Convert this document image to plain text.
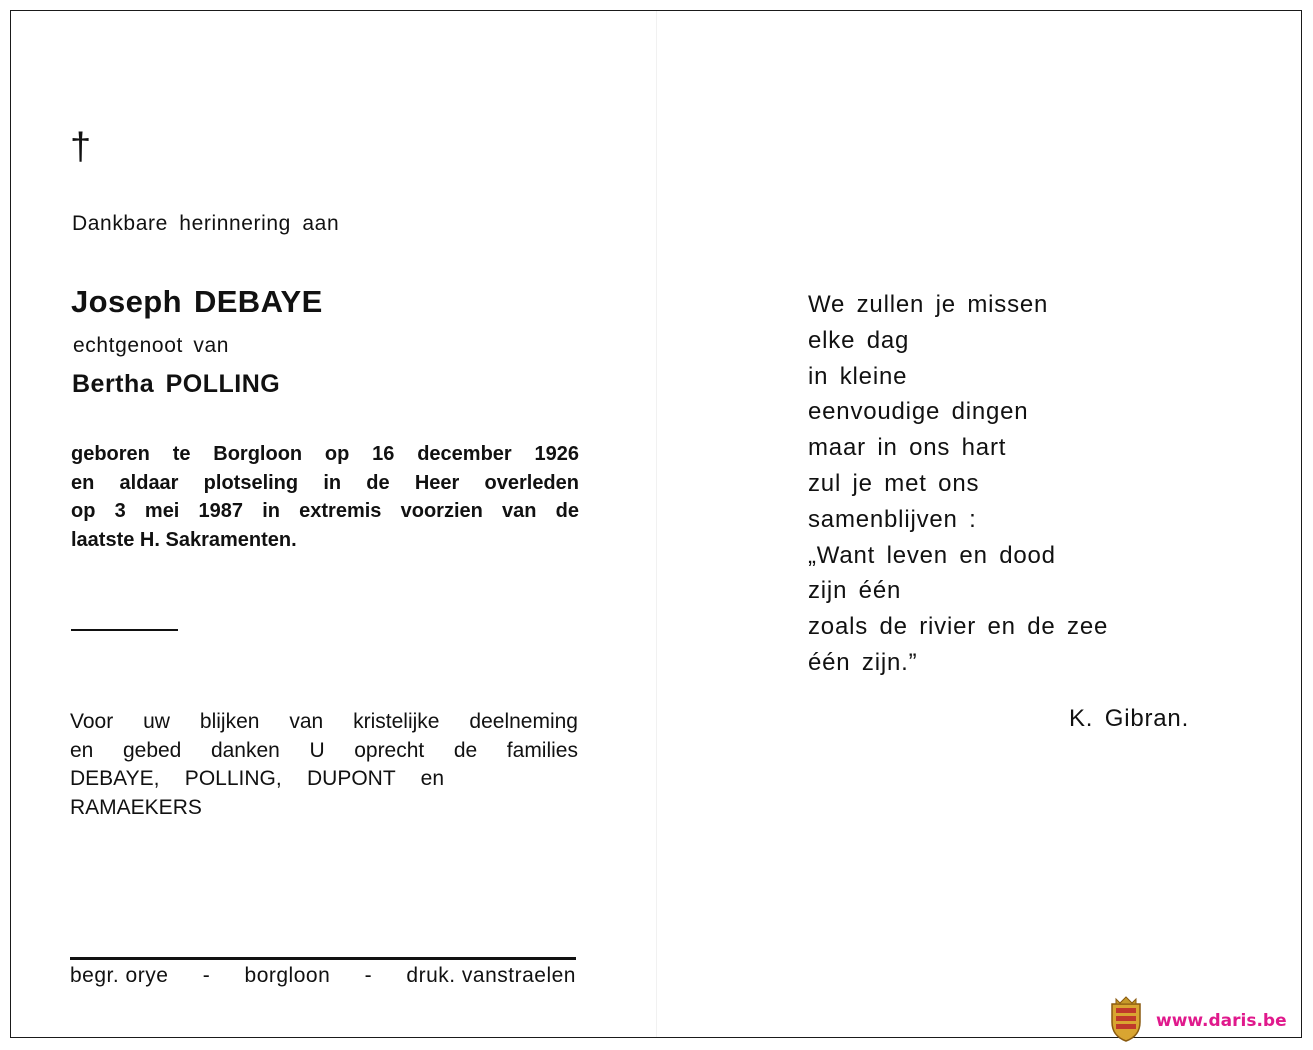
†
Dankbare herinnering aan
Joseph DEBAYE
echtgenoot van
Bertha POLLING
geboren te Borgloon op 16 december 1926
en aldaar plotseling in de Heer overleden
op 3 mei 1987 in extremis voorzien van de
laatste H. Sakramenten.
Voor uw blijken van kristelijke deelneming
en gebed danken U oprecht de families
DEBAYE, POLLING, DUPONT en
RAMAEKERS
begr. orye - borgloon - druk. vanstraelen
We zullen je missen
elke dag
in kleine
eenvoudige dingen
maar in ons hart
zul je met ons
samenblijven :
„Want leven en dood
zijn één
zoals de rivier en de zee
één zijn.”
K. Gibran.
www.daris.be
